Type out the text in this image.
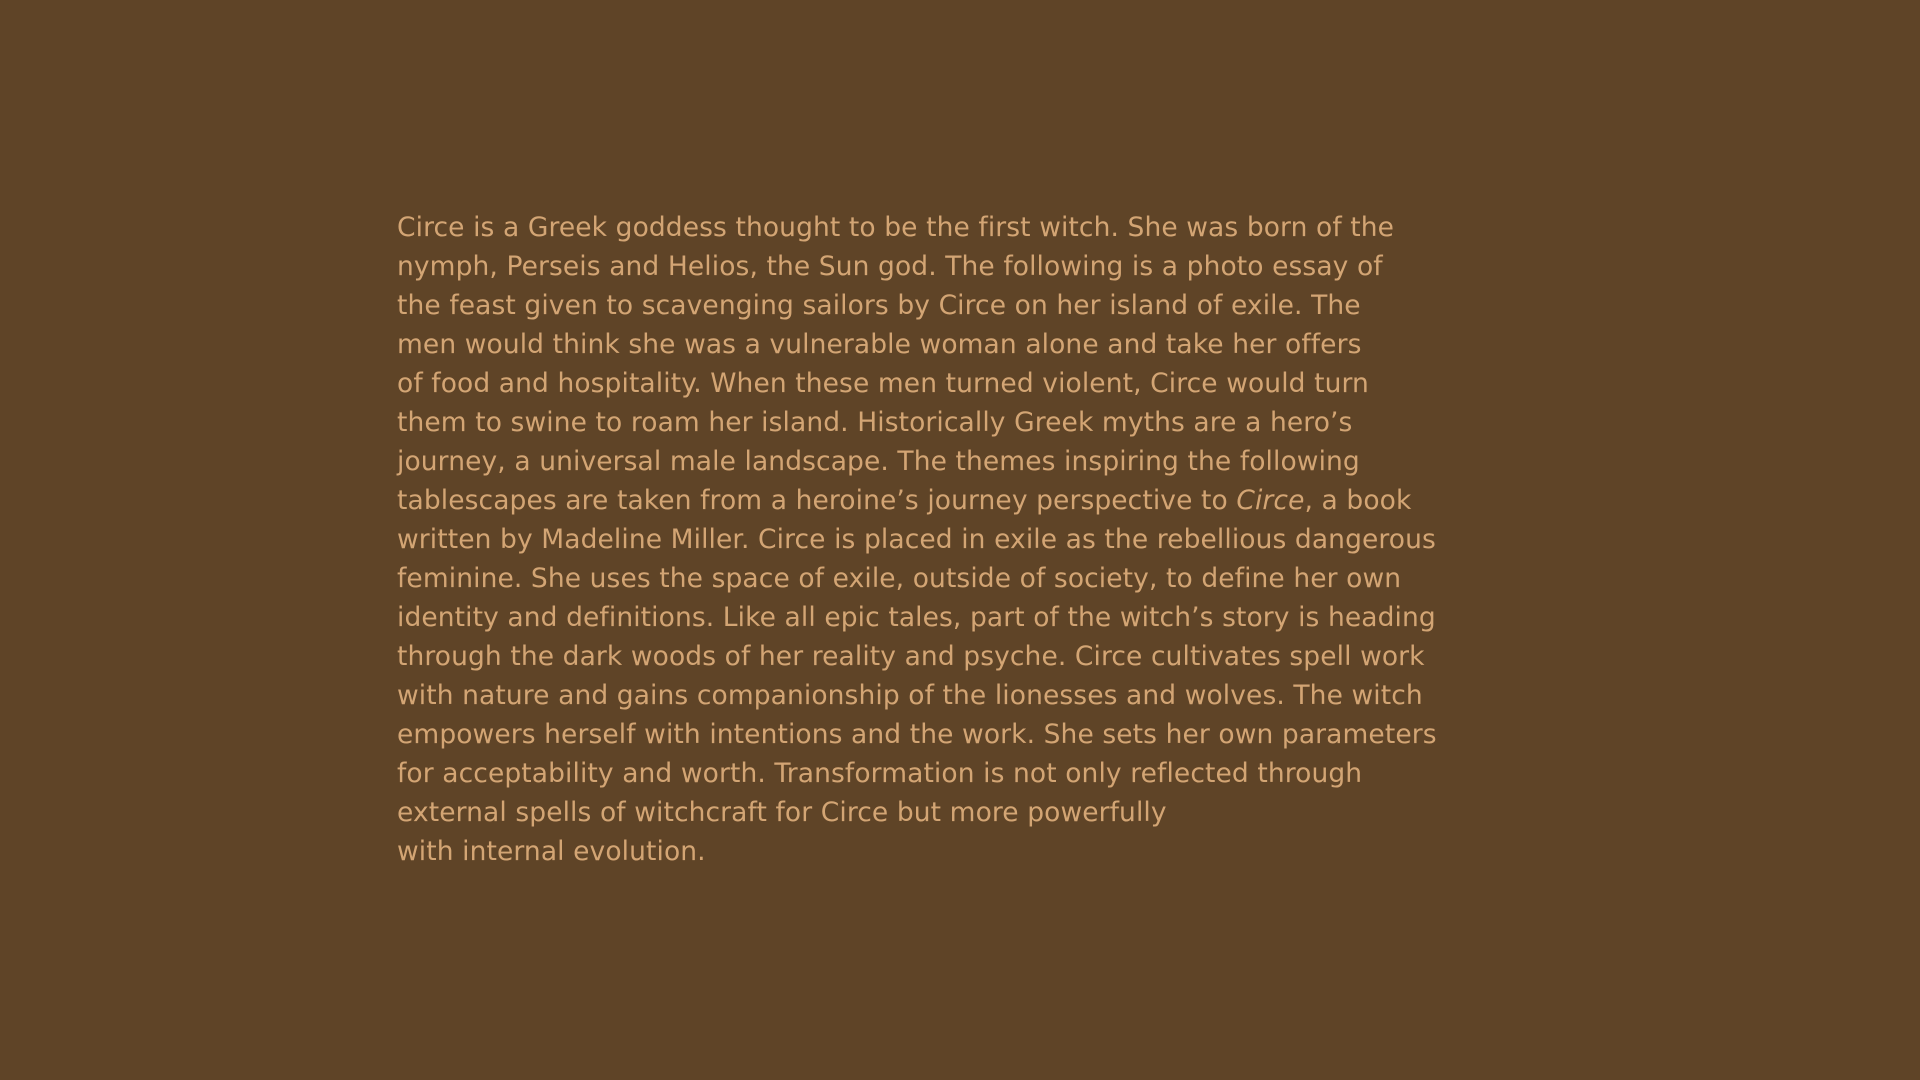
Circe is a Greek goddess thought to be the first witch. She was born of the
nymph, Perseis and Helios, the Sun god. The following is a photo essay of
the feast given to scavenging sailors by Circe on her island of exile. The
men would think she was a vulnerable woman alone and take her offers
of food and hospitality. When these men turned violent, Circe would turn
them to swine to roam her island. Historically Greek myths are a hero’s
journey, a universal male landscape. The themes inspiring the following
tablescapes are taken from a heroine’s journey perspective to Circe, a book
written by Madeline Miller. Circe is placed in exile as the rebellious dangerous
feminine. She uses the space of exile, outside of society, to define her own
identity and definitions. Like all epic tales, part of the witch’s story is heading
through the dark woods of her reality and psyche. Circe cultivates spell work
with nature and gains companionship of the lionesses and wolves. The witch
empowers herself with intentions and the work. She sets her own parameters
for acceptability and worth. Transformation is not only reflected through
external spells of witchcraft for Circe but more powerfully
with internal evolution.
